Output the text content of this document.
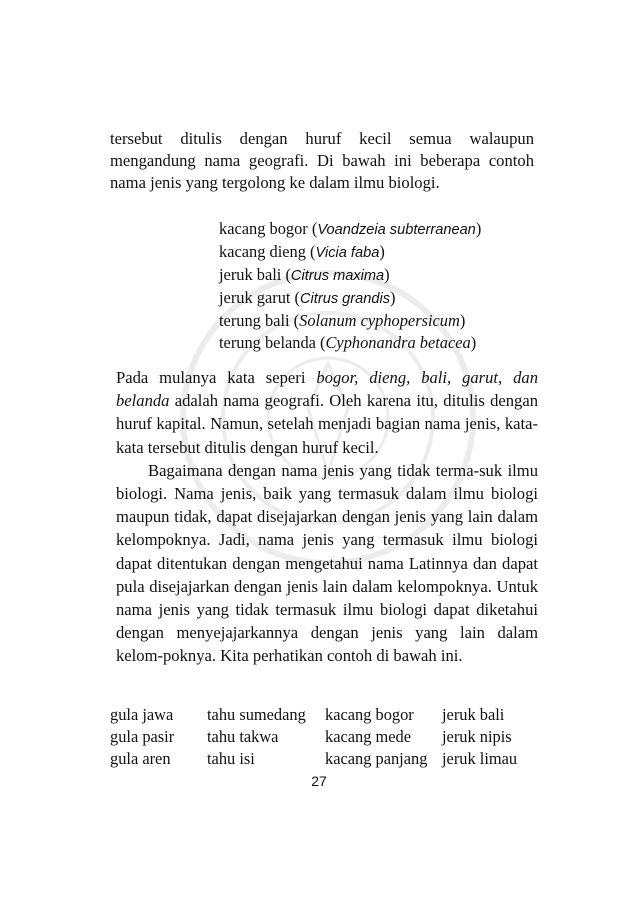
tersebut ditulis dengan huruf kecil semua walaupun mengandung nama geografi. Di bawah ini beberapa contoh nama jenis yang tergolong ke dalam ilmu biologi.

kacang bogor (Voandzeia subterranean)
kacang dieng (Vicia faba)
jeruk bali (Citrus maxima)
jeruk garut (Citrus grandis)
terung bali (Solanum cyphopersicum)
terung belanda (Cyphonandra betacea)

Pada mulanya kata seperi bogor, dieng, bali, garut, dan belanda adalah nama geografi. Oleh karena itu, ditulis dengan huruf kapital. Namun, setelah menjadi bagian nama jenis, kata-kata tersebut ditulis dengan huruf kecil.

Bagaimana dengan nama jenis yang tidak terma-suk ilmu biologi. Nama jenis, baik yang termasuk dalam ilmu biologi maupun tidak, dapat disejajarkan dengan jenis yang lain dalam kelompoknya. Jadi, nama jenis yang termasuk ilmu biologi dapat ditentukan dengan mengetahui nama Latinnya dan dapat pula disejajarkan dengan jenis lain dalam kelompoknya. Untuk nama jenis yang tidak termasuk ilmu biologi dapat diketahui dengan menyejajarkannya dengan jenis yang lain dalam kelom-poknya. Kita perhatikan contoh di bawah ini.

gula jawa	tahu sumedang	kacang bogor	jeruk bali
gula pasir	tahu takwa	kacang mede	jeruk nipis
gula aren	tahu isi	kacang panjang	jeruk limau
27
